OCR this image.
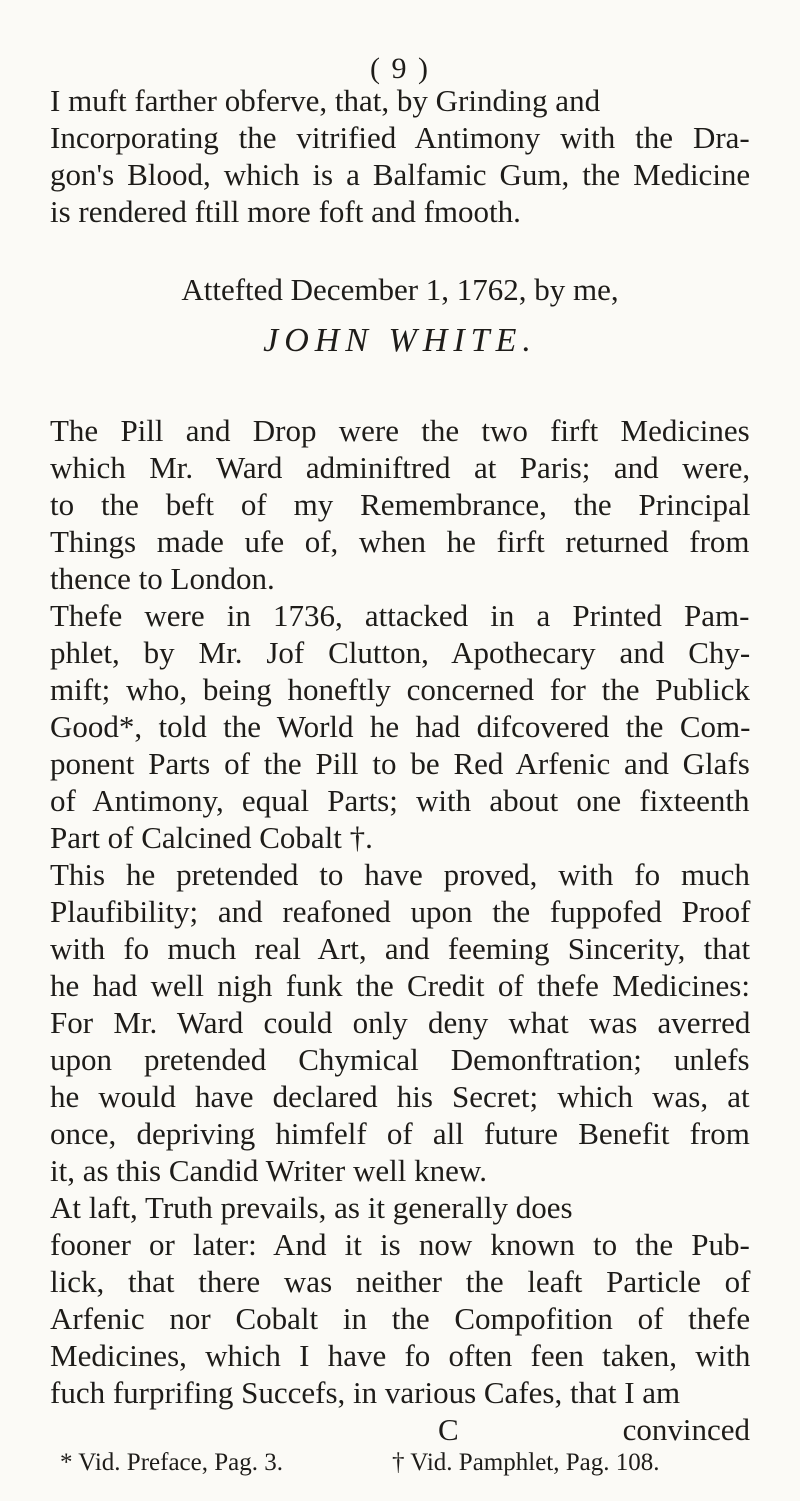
( 9 )
I muft farther obferve, that, by Grinding and
Incorporating the vitrified Antimony with the Dra-
gon's Blood, which is a Balfamic Gum, the Medicine
is rendered ftill more foft and fmooth.
Attefted December 1, 1762, by me,
JOHN WHITE.
The Pill and Drop were the two firft Medicines
which Mr. Ward adminiftred at Paris; and were,
to the beft of my Remembrance, the Principal
Things made ufe of, when he firft returned from
thence to London.
Thefe were in 1736, attacked in a Printed Pam-
phlet, by Mr. Jof Clutton, Apothecary and Chy-
mift; who, being honeftly concerned for the Publick
Good*, told the World he had difcovered the Com-
ponent Parts of the Pill to be Red Arfenic and Glafs
of Antimony, equal Parts; with about one fixteenth
Part of Calcined Cobalt †.
This he pretended to have proved, with fo much
Plaufibility; and reafoned upon the fuppofed Proof
with fo much real Art, and feeming Sincerity, that
he had well nigh funk the Credit of thefe Medicines:
For Mr. Ward could only deny what was averred
upon pretended Chymical Demonftration; unlefs
he would have declared his Secret; which was, at
once, depriving himfelf of all future Benefit from
it, as this Candid Writer well knew.
At laft, Truth prevails, as it generally does
fooner or later: And it is now known to the Pub-
lick, that there was neither the leaft Particle of
Arfenic nor Cobalt in the Compofition of thefe
Medicines, which I have fo often feen taken, with
fuch furprifing Succefs, in various Cafes, that I am
C	convinced
* Vid. Preface, Pag. 3.	† Vid. Pamphlet, Pag. 108.
